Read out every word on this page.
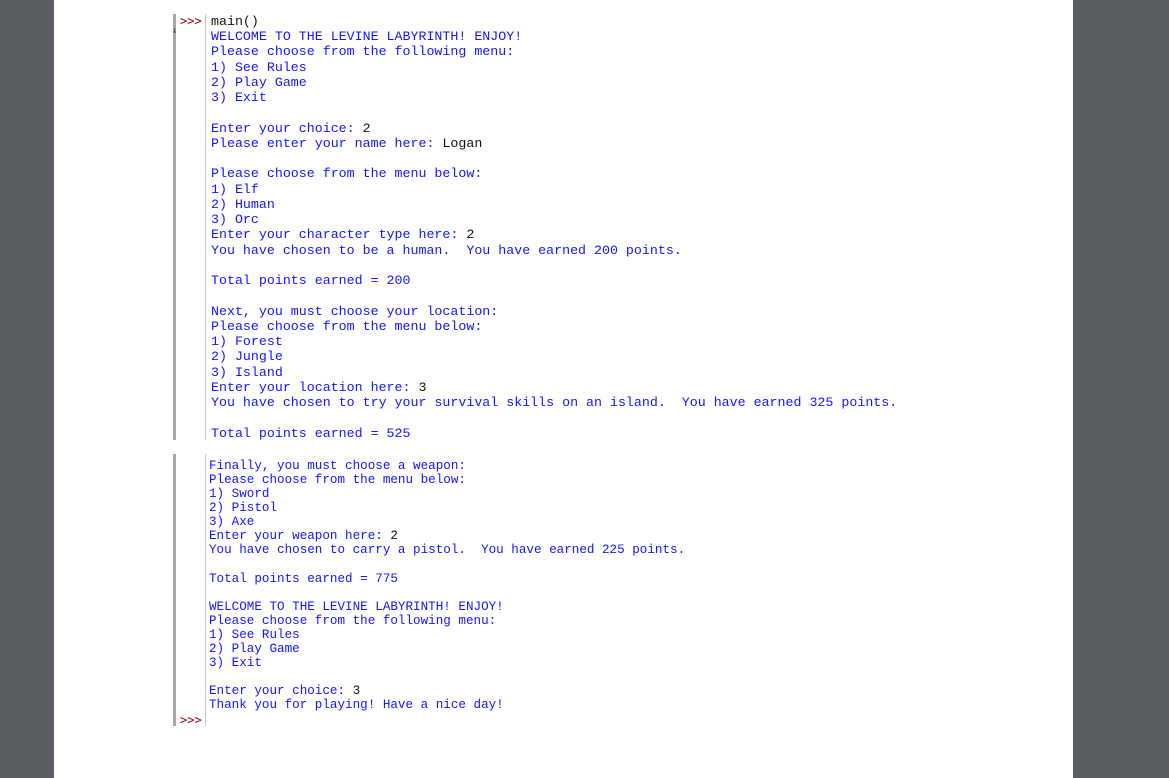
>>>
↓
main()
WELCOME TO THE LEVINE LABYRINTH! ENJOY!
Please choose from the following menu:
1) See Rules
2) Play Game
3) Exit
Enter your choice: 2
Please enter your name here: Logan
Please choose from the menu below:
1) Elf
2) Human
3) Orc
Enter your character type here: 2
You have chosen to be a human.  You have earned 200 points.
Total points earned = 200
Next, you must choose your location:
Please choose from the menu below:
1) Forest
2) Jungle
3) Island
Enter your location here: 3
You have chosen to try your survival skills on an island.  You have earned 325 points.
Total points earned = 525
Finally, you must choose a weapon:
Please choose from the menu below:
1) Sword
2) Pistol
3) Axe
Enter your weapon here: 2
You have chosen to carry a pistol.  You have earned 225 points.
Total points earned = 775
WELCOME TO THE LEVINE LABYRINTH! ENJOY!
Please choose from the following menu:
1) See Rules
2) Play Game
3) Exit
Enter your choice: 3
Thank you for playing! Have a nice day!
>>>
